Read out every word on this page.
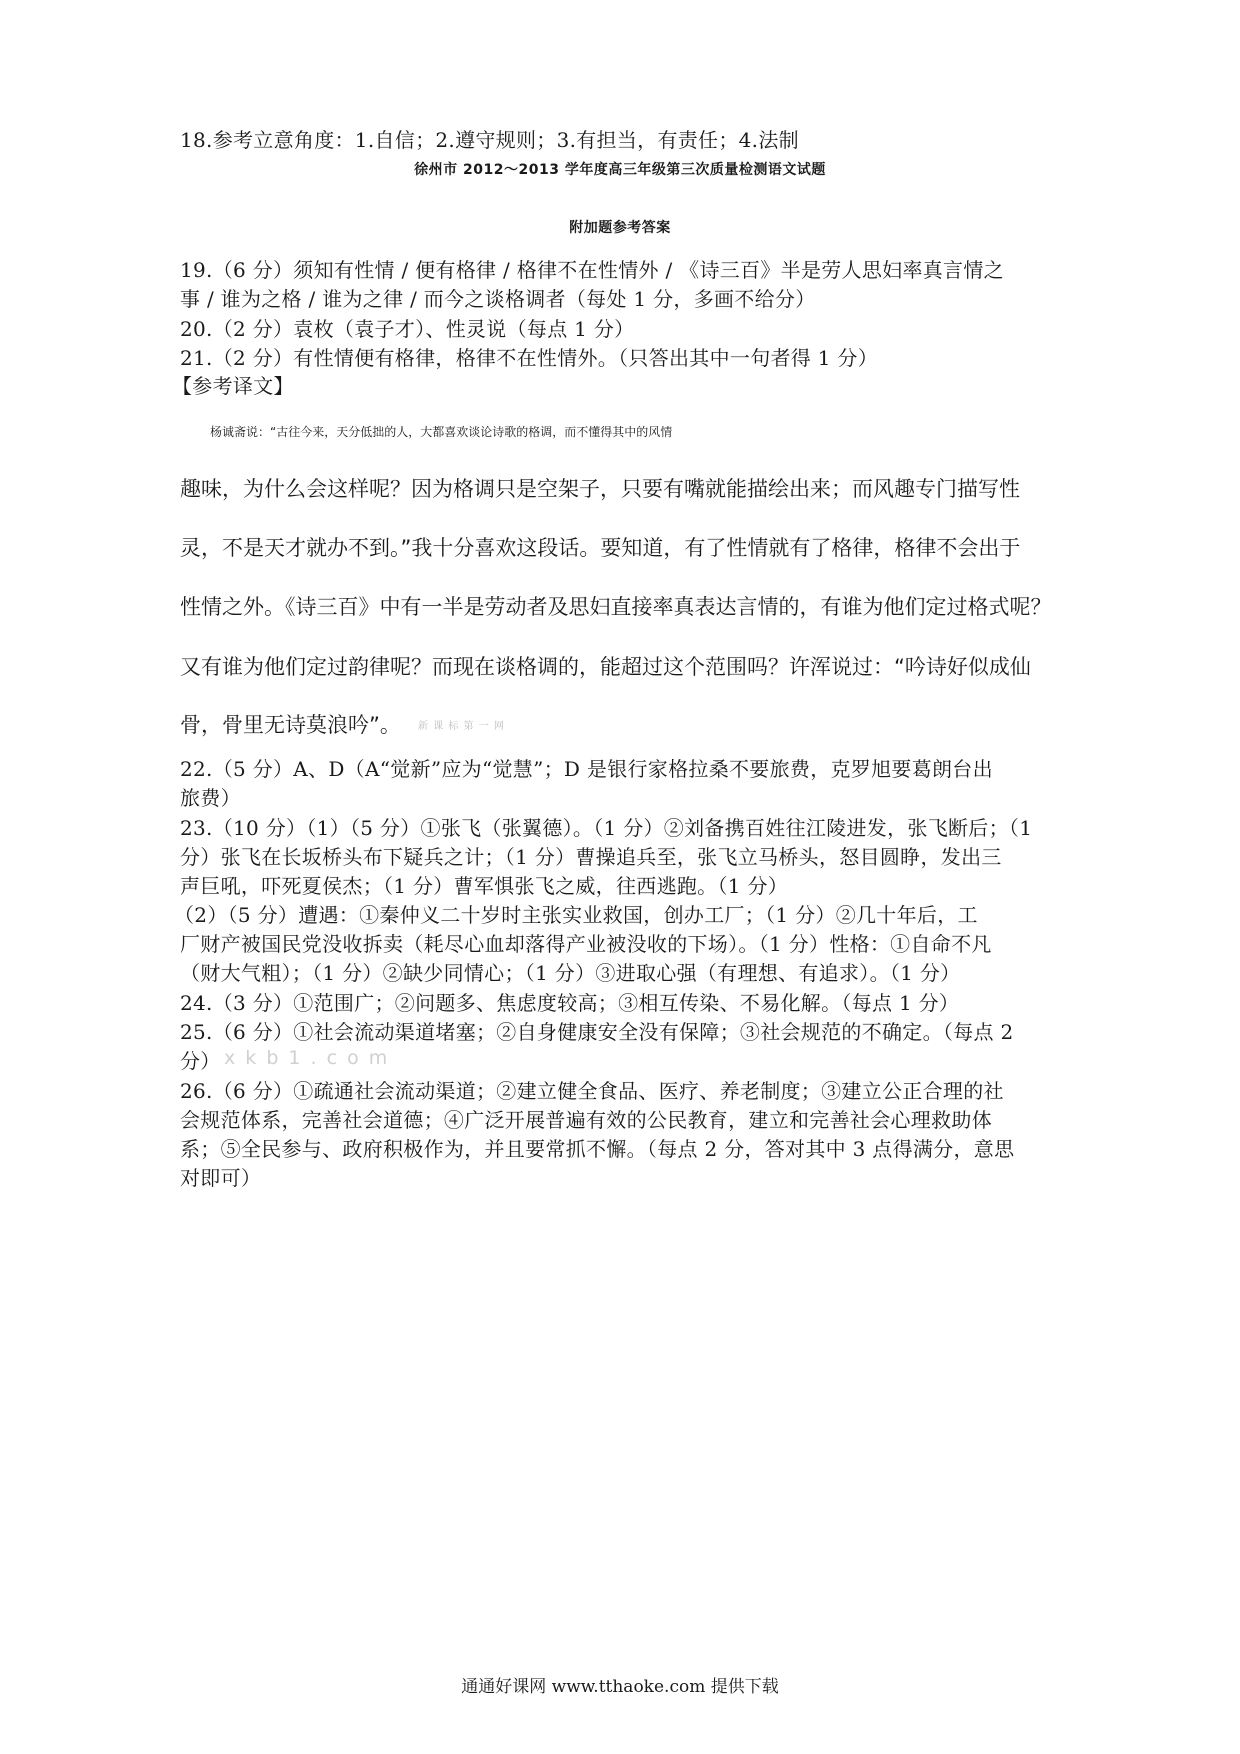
18.参考立意角度：1.自信；2.遵守规则；3.有担当，有责任；4.法制
徐州市 2012～2013 学年度高三年级第三次质量检测语文试题
附加题参考答案
19.（6 分）须知有性情 / 便有格律 / 格律不在性情外 / 《诗三百》半是劳人思妇率真言情之
事 / 谁为之格 / 谁为之律 / 而今之谈格调者（每处 1 分，多画不给分）
20.（2 分）袁枚（袁子才）、性灵说（每点 1 分）
21.（2 分）有性情便有格律，格律不在性情外。（只答出其中一句者得 1 分）
【参考译文】
杨诚斋说：“古往今来，天分低拙的人，大都喜欢谈论诗歌的格调，而不懂得其中的风情
趣味，为什么会这样呢？因为格调只是空架子，只要有嘴就能描绘出来；而风趣专门描写性
灵，不是天才就办不到。”我十分喜欢这段话。要知道，有了性情就有了格律，格律不会出于
性情之外。《诗三百》中有一半是劳动者及思妇直接率真表达言情的，有谁为他们定过格式呢？
又有谁为他们定过韵律呢？而现在谈格调的，能超过这个范围吗？许浑说过：“吟诗好似成仙
骨，骨里无诗莫浪吟”。	新 课 标 第 一 网
22.（5 分）A、D（A“觉新”应为“觉慧”；D 是银行家格拉桑不要旅费，克罗旭要葛朗台出
旅费）
23.（10 分）（1）（5 分）①张飞（张翼德）。（1 分）②刘备携百姓往江陵进发，张飞断后；（1
分）张飞在长坂桥头布下疑兵之计；（1 分）曹操追兵至，张飞立马桥头，怒目圆睁，发出三
声巨吼，吓死夏侯杰；（1 分）曹军惧张飞之威，往西逃跑。（1 分）
（2）（5 分）遭遇：①秦仲义二十岁时主张实业救国，创办工厂；（1 分）②几十年后，工
厂财产被国民党没收拆卖（耗尽心血却落得产业被没收的下场）。（1 分）性格：①自命不凡
（财大气粗）；（1 分）②缺少同情心；（1 分）③进取心强（有理想、有追求）。（1 分）
24.（3 分）①范围广；②问题多、焦虑度较高；③相互传染、不易化解。（每点 1 分）
25.（6 分）①社会流动渠道堵塞；②自身健康安全没有保障；③社会规范的不确定。（每点 2
分） x k b 1 . c o m
26.（6 分）①疏通社会流动渠道；②建立健全食品、医疗、养老制度；③建立公正合理的社
会规范体系，完善社会道德；④广泛开展普遍有效的公民教育，建立和完善社会心理救助体
系；⑤全民参与、政府积极作为，并且要常抓不懈。（每点 2 分，答对其中 3 点得满分，意思
对即可）
通通好课网 www.tthaoke.com 提供下载
